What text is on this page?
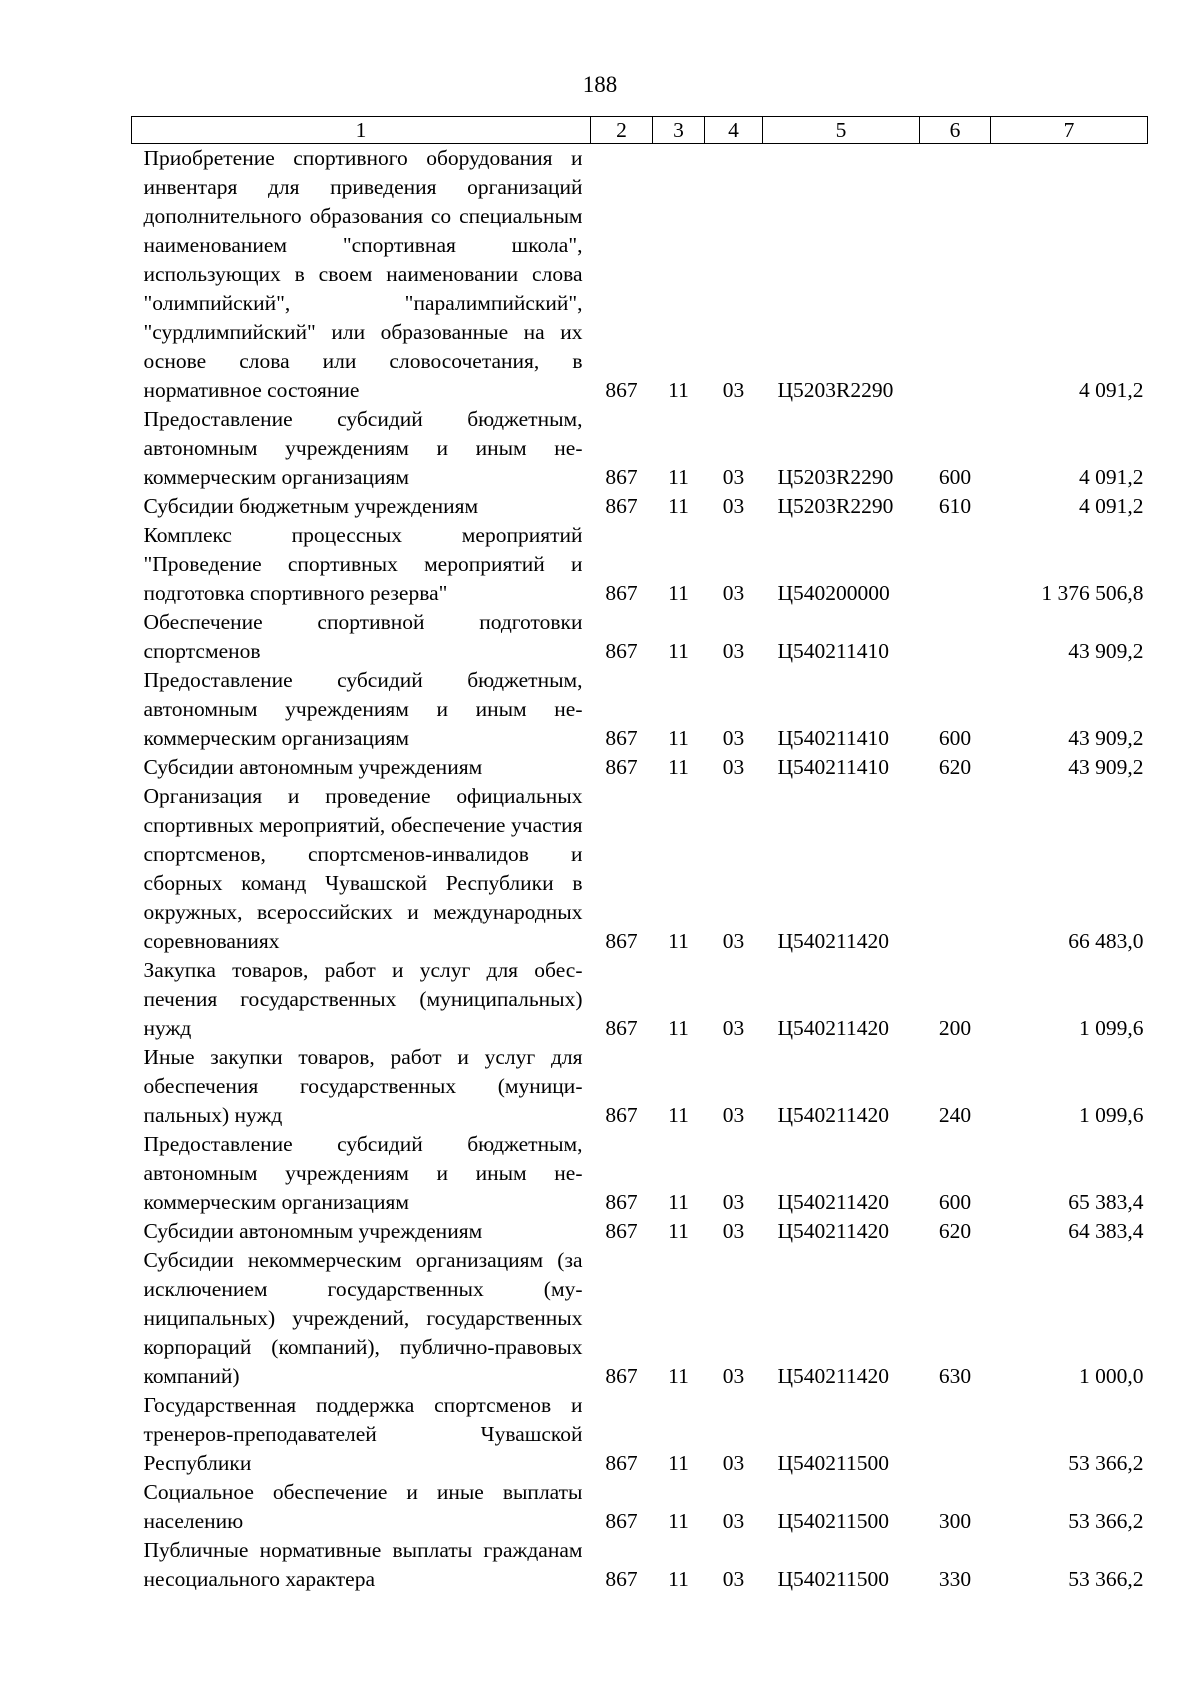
188
1	2	3	4	5	6	7
Приобретение спортивного оборудования и инвентаря для приведения организаций дополнительного образования со специальным наименованием "спортивная школа", использующих в своем наименовании слова "олимпийский", "паралимпийский", "сурдлимпийский" или образованные на их основе слова или словосочетания, в нормативное состояние	867	11	03	Ц5203R2290		4 091,2
Предоставление субсидий бюджетным, автономным учреждениям и иным некоммерческим организациям	867	11	03	Ц5203R2290	600	4 091,2
Субсидии бюджетным учреждениям	867	11	03	Ц5203R2290	610	4 091,2
Комплекс процессных мероприятий "Проведение спортивных мероприятий и подготовка спортивного резерва"	867	11	03	Ц540200000		1 376 506,8
Обеспечение спортивной подготовки спортсменов	867	11	03	Ц540211410		43 909,2
Предоставление субсидий бюджетным, автономным учреждениям и иным некоммерческим организациям	867	11	03	Ц540211410	600	43 909,2
Субсидии автономным учреждениям	867	11	03	Ц540211410	620	43 909,2
Организация и проведение официальных спортивных мероприятий, обеспечение участия спортсменов, спортсменов-инвалидов и сборных команд Чувашской Республики в окружных, всероссийских и международных соревнованиях	867	11	03	Ц540211420		66 483,0
Закупка товаров, работ и услуг для обеспечения государственных (муниципальных) нужд	867	11	03	Ц540211420	200	1 099,6
Иные закупки товаров, работ и услуг для обеспечения государственных (муниципальных) нужд	867	11	03	Ц540211420	240	1 099,6
Предоставление субсидий бюджетным, автономным учреждениям и иным некоммерческим организациям	867	11	03	Ц540211420	600	65 383,4
Субсидии автономным учреждениям	867	11	03	Ц540211420	620	64 383,4
Субсидии некоммерческим организациям (за исключением государственных (муниципальных) учреждений, государственных корпораций (компаний), публично-правовых компаний)	867	11	03	Ц540211420	630	1 000,0
Государственная поддержка спортсменов и тренеров-преподавателей Чувашской Республики	867	11	03	Ц540211500		53 366,2
Социальное обеспечение и иные выплаты населению	867	11	03	Ц540211500	300	53 366,2
Публичные нормативные выплаты гражданам несоциального характера	867	11	03	Ц540211500	330	53 366,2
